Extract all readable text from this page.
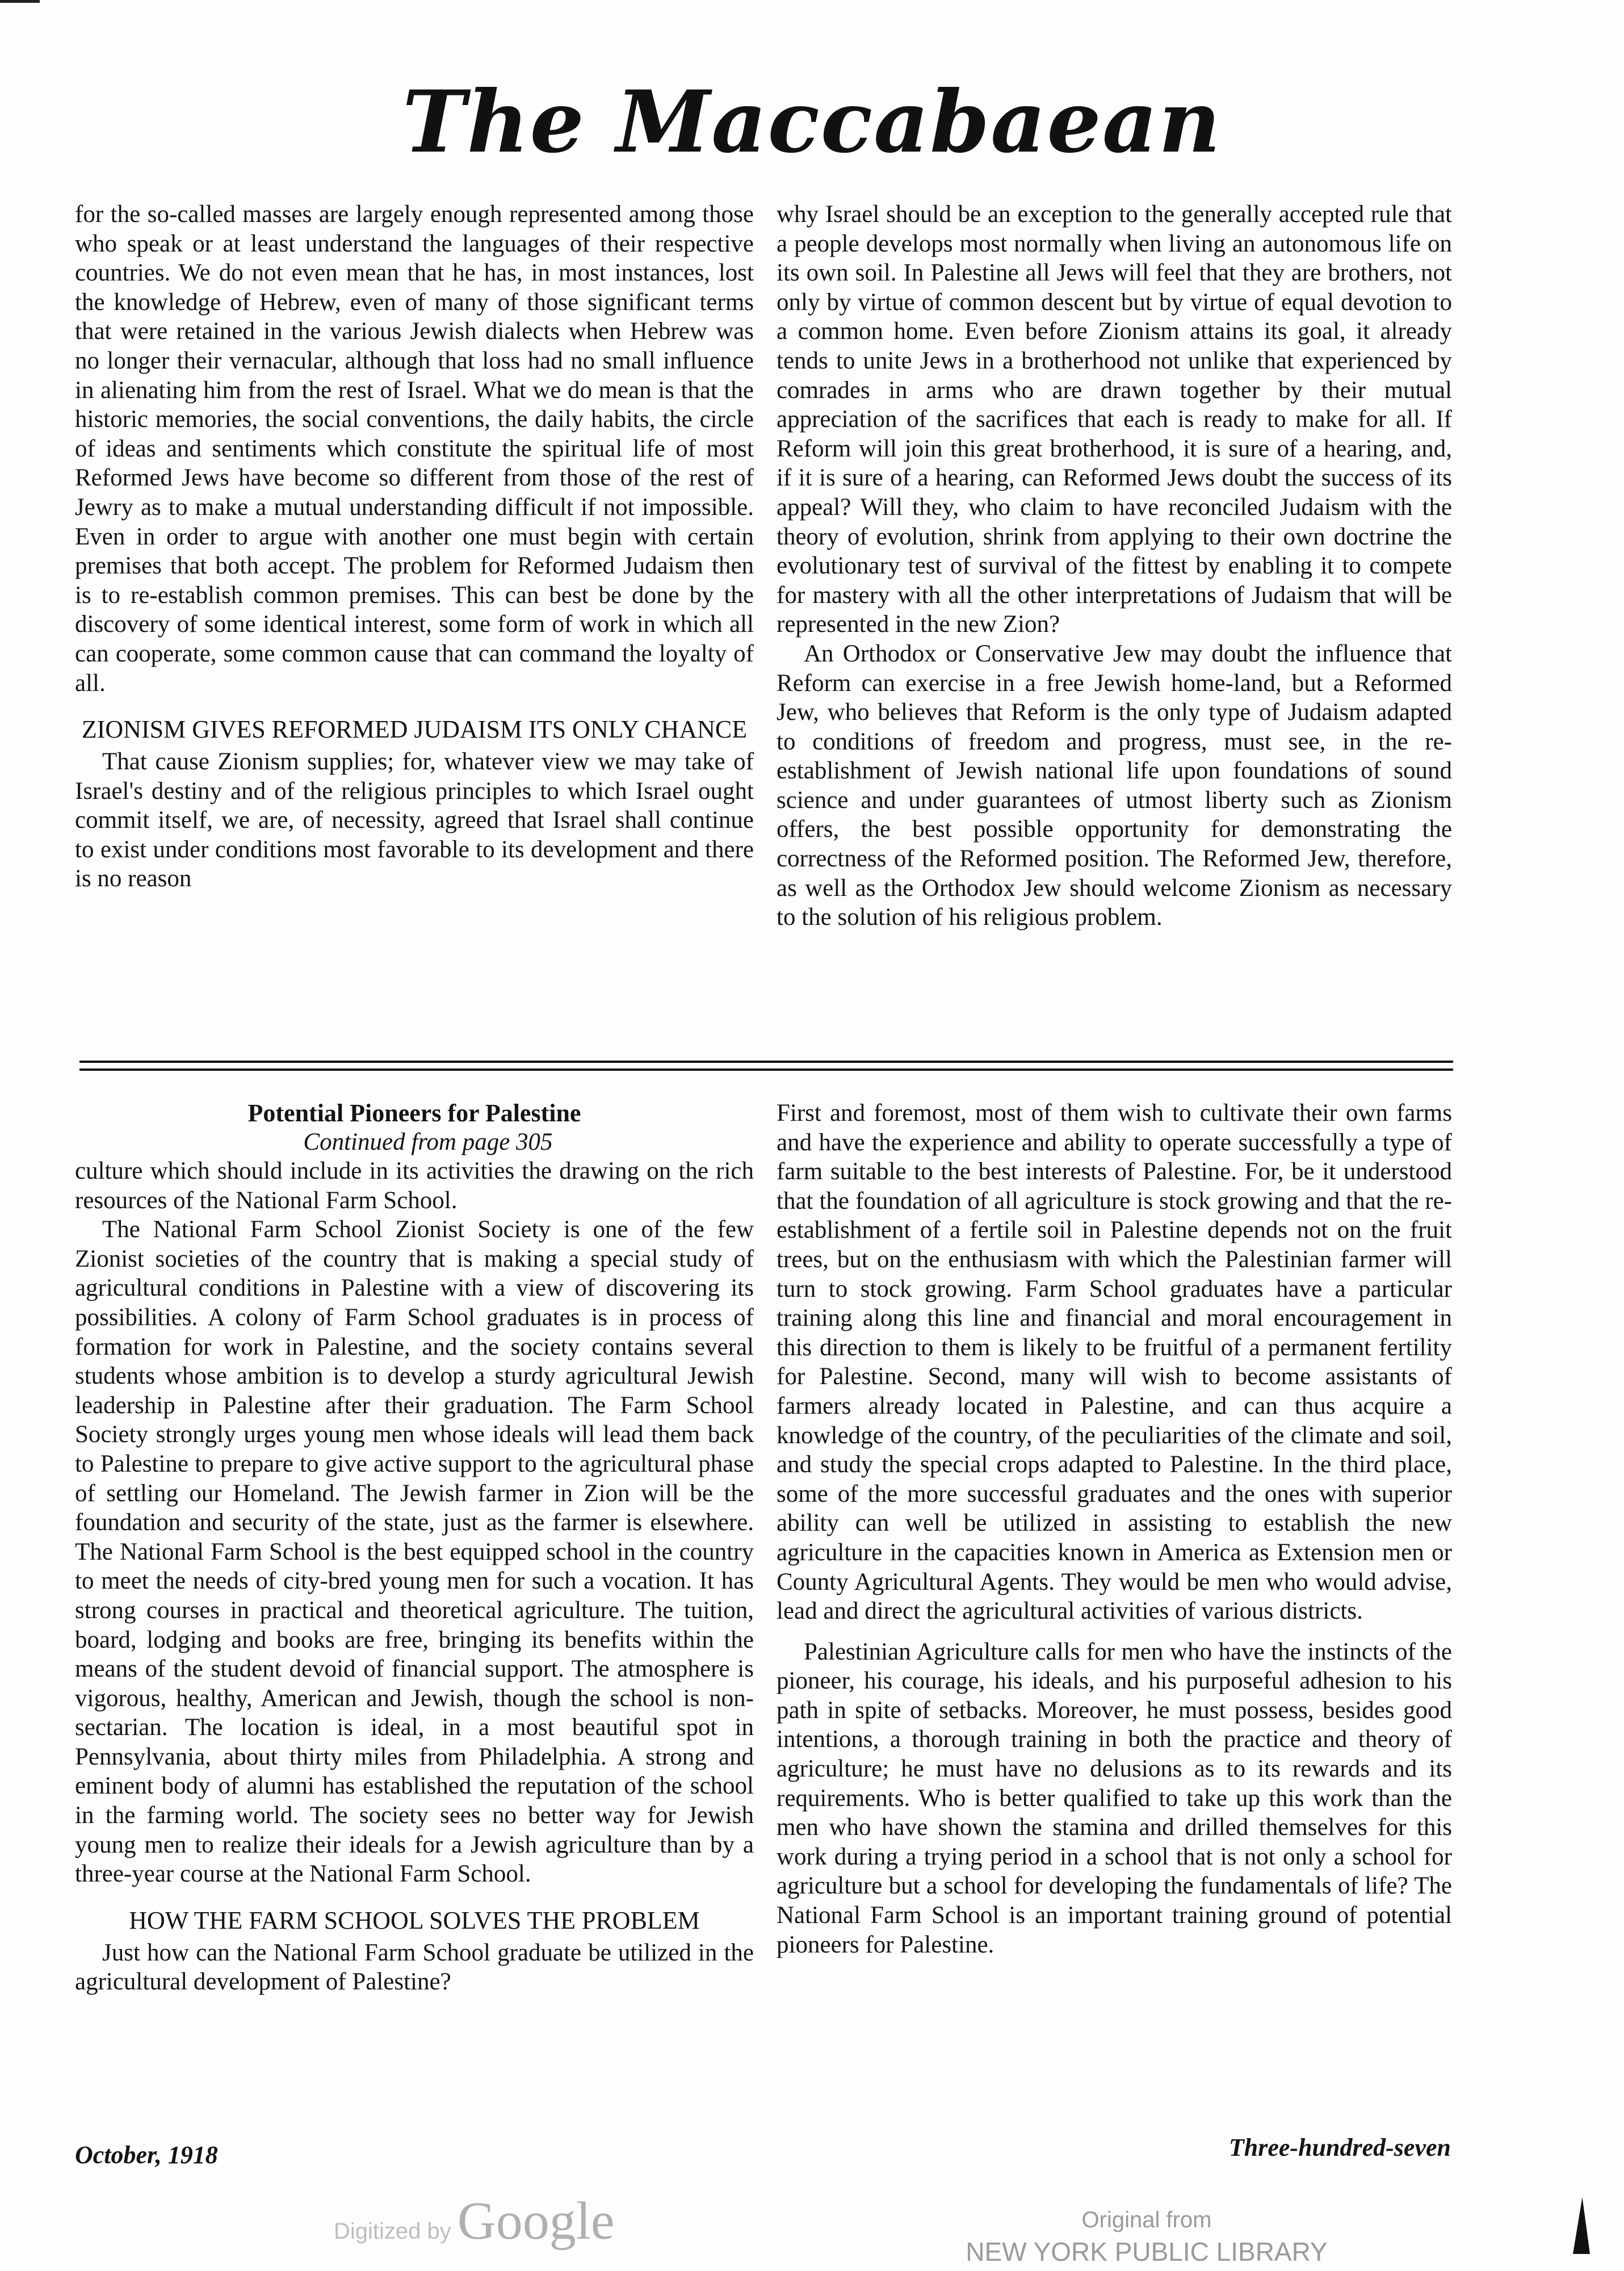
The Maccabaean

for the so-called masses are largely enough represented among those who speak or at least understand the languages of their respective countries. We do not even mean that he has, in most instances, lost the knowledge of Hebrew, even of many of those significant terms that were retained in the various Jewish dialects when Hebrew was no longer their vernacular, although that loss had no small influence in alienating him from the rest of Israel. What we do mean is that the historic memories, the social conventions, the daily habits, the circle of ideas and sentiments which constitute the spiritual life of most Reformed Jews have become so different from those of the rest of Jewry as to make a mutual understanding difficult if not impossible. Even in order to argue with another one must begin with certain premises that both accept. The problem for Reformed Judaism then is to re-establish common premises. This can best be done by the discovery of some identical interest, some form of work in which all can cooperate, some common cause that can command the loyalty of all.

ZIONISM GIVES REFORMED JUDAISM ITS ONLY CHANCE

That cause Zionism supplies; for, whatever view we may take of Israel's destiny and of the religious principles to which Israel ought commit itself, we are, of necessity, agreed that Israel shall continue to exist under conditions most favorable to its development and there is no reason

why Israel should be an exception to the generally accepted rule that a people develops most normally when living an autonomous life on its own soil. In Palestine all Jews will feel that they are brothers, not only by virtue of common descent but by virtue of equal devotion to a common home. Even before Zionism attains its goal, it already tends to unite Jews in a brotherhood not unlike that experienced by comrades in arms who are drawn together by their mutual appreciation of the sacrifices that each is ready to make for all. If Reform will join this great brotherhood, it is sure of a hearing, and, if it is sure of a hearing, can Reformed Jews doubt the success of its appeal? Will they, who claim to have reconciled Judaism with the theory of evolution, shrink from applying to their own doctrine the evolutionary test of survival of the fittest by enabling it to compete for mastery with all the other interpretations of Judaism that will be represented in the new Zion?

An Orthodox or Conservative Jew may doubt the influence that Reform can exercise in a free Jewish home-land, but a Reformed Jew, who believes that Reform is the only type of Judaism adapted to conditions of freedom and progress, must see, in the re-establishment of Jewish national life upon foundations of sound science and under guarantees of utmost liberty such as Zionism offers, the best possible opportunity for demonstrating the correctness of the Reformed position. The Reformed Jew, therefore, as well as the Orthodox Jew should welcome Zionism as necessary to the solution of his religious problem.

Potential Pioneers for Palestine

Continued from page 305

culture which should include in its activities the drawing on the rich resources of the National Farm School.

The National Farm School Zionist Society is one of the few Zionist societies of the country that is making a special study of agricultural conditions in Palestine with a view of discovering its possibilities. A colony of Farm School graduates is in process of formation for work in Palestine, and the society contains several students whose ambition is to develop a sturdy agricultural Jewish leadership in Palestine after their graduation. The Farm School Society strongly urges young men whose ideals will lead them back to Palestine to prepare to give active support to the agricultural phase of settling our Homeland. The Jewish farmer in Zion will be the foundation and security of the state, just as the farmer is elsewhere. The National Farm School is the best equipped school in the country to meet the needs of city-bred young men for such a vocation. It has strong courses in practical and theoretical agriculture. The tuition, board, lodging and books are free, bringing its benefits within the means of the student devoid of financial support. The atmosphere is vigorous, healthy, American and Jewish, though the school is non-sectarian. The location is ideal, in a most beautiful spot in Pennsylvania, about thirty miles from Philadelphia. A strong and eminent body of alumni has established the reputation of the school in the farming world. The society sees no better way for Jewish young men to realize their ideals for a Jewish agriculture than by a three-year course at the National Farm School.

HOW THE FARM SCHOOL SOLVES THE PROBLEM

Just how can the National Farm School graduate be utilized in the agricultural development of Palestine?

First and foremost, most of them wish to cultivate their own farms and have the experience and ability to operate successfully a type of farm suitable to the best interests of Palestine. For, be it understood that the foundation of all agriculture is stock growing and that the re-establishment of a fertile soil in Palestine depends not on the fruit trees, but on the enthusiasm with which the Palestinian farmer will turn to stock growing. Farm School graduates have a particular training along this line and financial and moral encouragement in this direction to them is likely to be fruitful of a permanent fertility for Palestine. Second, many will wish to become assistants of farmers already located in Palestine, and can thus acquire a knowledge of the country, of the peculiarities of the climate and soil, and study the special crops adapted to Palestine. In the third place, some of the more successful graduates and the ones with superior ability can well be utilized in assisting to establish the new agriculture in the capacities known in America as Extension men or County Agricultural Agents. They would be men who would advise, lead and direct the agricultural activities of various districts.

Palestinian Agriculture calls for men who have the instincts of the pioneer, his courage, his ideals, and his purposeful adhesion to his path in spite of setbacks. Moreover, he must possess, besides good intentions, a thorough training in both the practice and theory of agriculture; he must have no delusions as to its rewards and its requirements. Who is better qualified to take up this work than the men who have shown the stamina and drilled themselves for this work during a trying period in a school that is not only a school for agriculture but a school for developing the fundamentals of life? The National Farm School is an important training ground of potential pioneers for Palestine.

October, 1918	Three-hundred-seven
Digitized by Google	Original from
NEW YORK PUBLIC LIBRARY
